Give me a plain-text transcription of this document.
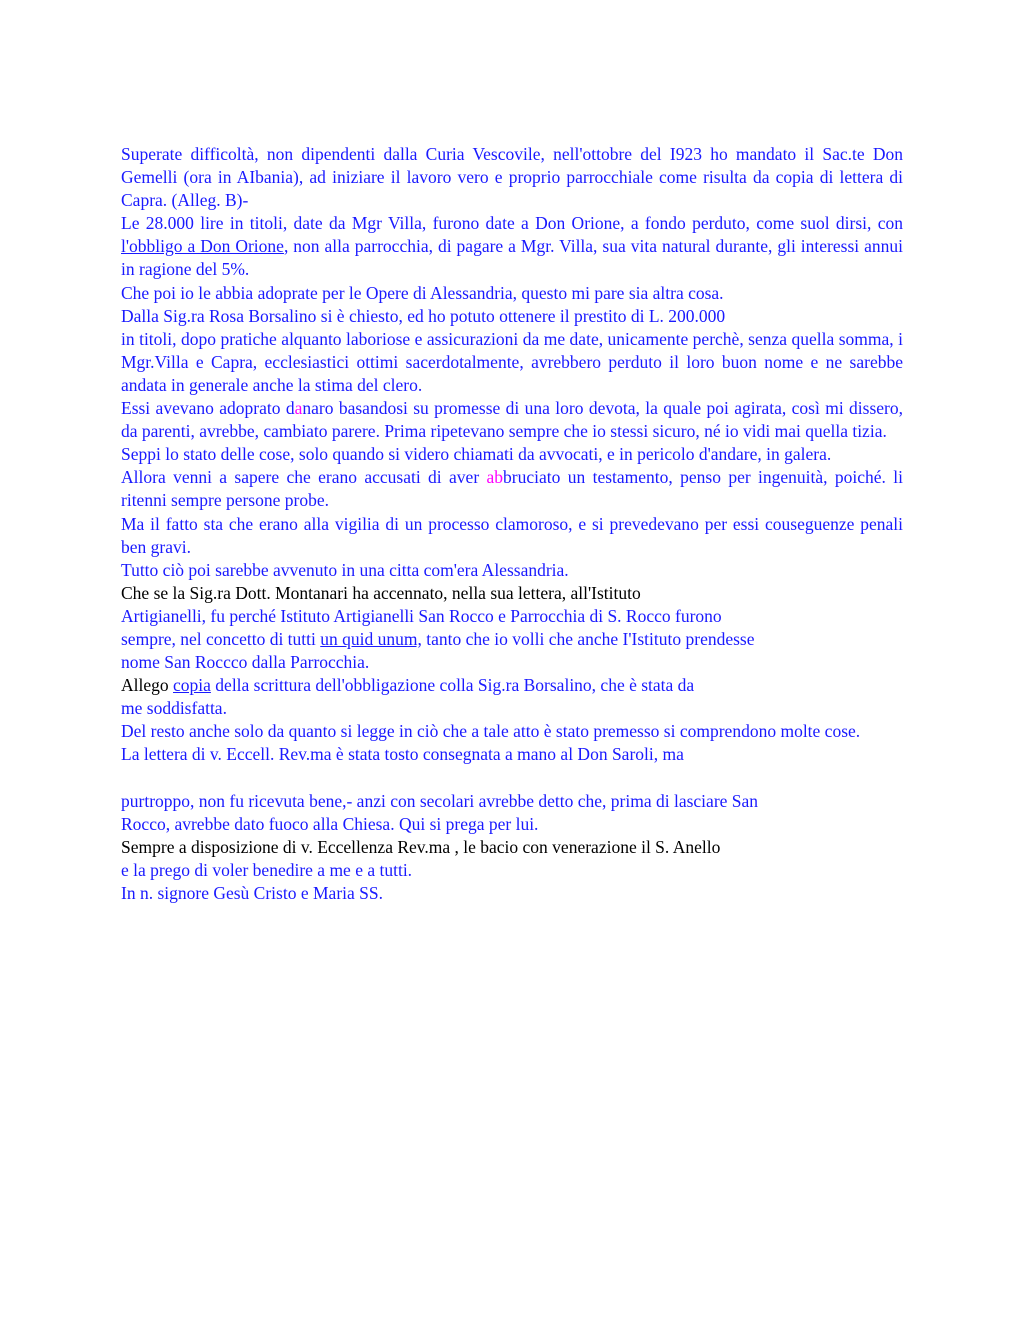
Superate difficoltà, non dipendenti dalla Curia Vescovile, nell'ottobre del I923 ho mandato il Sac.te Don Gemelli (ora in AIbania), ad iniziare il lavoro vero e proprio parrocchiale come risulta da copia di lettera di Capra. (Alleg. B)-

Le 28.000 lire in titoli, date da Mgr Villa, furono date a Don Orione, a fondo perduto, come suol dirsi, con l'obbligo a Don Orione, non alla parrocchia, di pagare a Mgr. Villa, sua vita natural durante, gli interessi annui in ragione del 5%.

Che poi io le abbia adoprate per le Opere di Alessandria, questo mi pare sia altra cosa.

Dalla Sig.ra Rosa Borsalino si è chiesto, ed ho potuto ottenere il prestito di L. 200.000

in titoli, dopo pratiche alquanto laboriose e assicurazioni da me date, unicamente perchè, senza quella somma, i Mgr.Villa e Capra, ecclesiastici ottimi sacerdotalmente, avrebbero perduto il loro buon nome e ne sarebbe andata in generale anche la stima del clero.

Essi avevano adoprato danaro basandosi su promesse di una loro devota, la quale poi agirata, così mi dissero, da parenti, avrebbe, cambiato parere. Prima ripetevano sempre che io stessi sicuro, né io vidi mai quella tizia.

Seppi lo stato delle cose, solo quando si videro chiamati da avvocati, e in pericolo d'andare, in galera.

Allora venni a sapere che erano accusati di aver abbruciato un testamento, penso per ingenuità, poiché. li ritenni sempre persone probe.

Ma il fatto sta che erano alla vigilia di un processo clamoroso, e si prevedevano per essi couseguenze penali ben gravi.

Tutto ciò poi sarebbe avvenuto in una citta com'era Alessandria.

Che se la Sig.ra Dott. Montanari ha accennato, nella sua lettera, all'Istituto

Artigianelli, fu perché Istituto Artigianelli San Rocco e Parrocchia di S. Rocco furono

sempre, nel concetto di tutti un quid unum, tanto che io volli che anche I'Istituto prendesse

nome San Roccco dalla Parrocchia.

Allego copia della scrittura dell'obbligazione colla Sig.ra Borsalino, che è stata da

me soddisfatta.

Del resto anche solo da quanto si legge in ciò che a tale atto è stato premesso si comprendono molte cose.

La lettera di v. Eccell. Rev.ma è stata tosto consegnata a mano al Don Saroli, ma

purtroppo, non fu ricevuta bene,- anzi con secolari avrebbe detto che, prima di lasciare San

Rocco, avrebbe dato fuoco alla Chiesa. Qui si prega per lui.

Sempre a disposizione di v. Eccellenza Rev.ma , le bacio con venerazione il S. Anello

e la prego di voler benedire a me e a tutti.

In n. signore Gesù Cristo e Maria SS.
